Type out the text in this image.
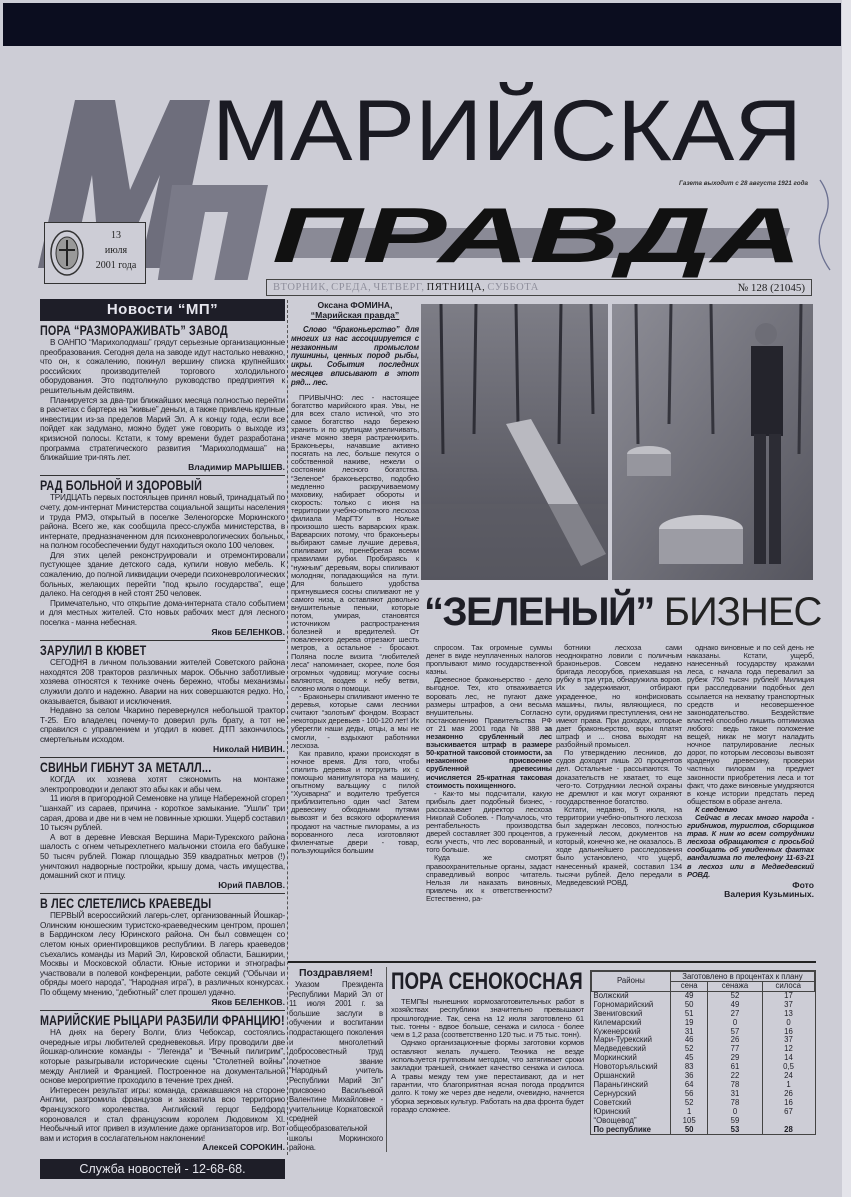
МАРИЙСКАЯ
ПРАВДА
Газета выходит с 28 августа 1921 года
13
июля
2001 года
ВТОРНИК, СРЕДА, ЧЕТВЕРГ, ПЯТНИЦА, СУББОТА	№ 128 (21045)
Новости “МП”
ПОРА “РАЗМОРАЖИВАТЬ” ЗАВОД

В ОАНПО “Марихолодмаш” грядут серьезные организационные преобразования. Сегодня дела на заводе идут настолько неважно, что он, к сожалению, покинул вершину списка крупнейших российских производителей торгового холодильного оборудования. Это подтолкнуло руководство предприятия к решительным действиям.

Планируется за два-три ближайших месяца полностью перейти в расчетах с бартера на “живые” деньги, а также привлечь крупные инвестиции из-за пределов Марий Эл. А к концу года, если все пойдет как задумано, можно будет уже говорить о выходе из кризисной полосы. Кстати, к тому времени будет разработана программа стратегического развития “Марихолодмаша” на ближайшие три-пять лет.

Владимир МАРЫШЕВ.
РАД БОЛЬНОЙ И ЗДОРОВЫЙ

ТРИДЦАТЬ первых постояльцев принял новый, тринадцатый по счету, дом-интернат Министерства социальной защиты населения и труда РМЭ, открытый в поселке Зеленогорске Моркинского района. Всего же, как сообщила пресс-служба министерства, в интернате, предназначенном для психоневрологических больных, на полном гособеспечении будут находиться около 100 человек.

Для этих целей реконструировали и отремонтировали пустующее здание детского сада, купили новую мебель. К сожалению, до полной ликвидации очереди психоневрологических больных, желающих перейти “под крыло государства”, еще далеко. На сегодня в ней стоят 250 человек.

Примечательно, что открытие дома-интерната стало событием и для местных жителей. Сто новых рабочих мест для лесного поселка - манна небесная.

Яков БЕЛЕНКОВ.
ЗАРУЛИЛ В КЮВЕТ

СЕГОДНЯ в личном пользовании жителей Советского района находятся 208 тракторов различных марок. Обычно заботливые хозяева относятся к технике очень бережно, чтобы механизмы служили долго и надежно. Аварии на них совершаются редко. Но, оказывается, бывают и исключения.

Недавно за селом Чкарино перевернулся небольшой трактор Т-25. Его владелец почему-то доверил руль брату, а тот не справился с управлением и угодил в кювет. ДТП закончилось смертельным исходом.

Николай НИВИН.
СВИНЬИ ГИБНУТ ЗА МЕТАЛЛ...

КОГДА их хозяева хотят сэкономить на монтаже электропроводки и делают это абы как и абы чем.

11 июля в пригородной Семеновке на улице Набережной сгорел “шанхай” из сараев, причина - короткое замыкание. “Ушли” три сарая, дрова и две ни в чем не повинные хрюшки. Ущерб составил 10 тысяч рублей.

А вот в деревне Иевская Вершина Мари-Турекского района шалость с огнем четырехлетнего мальчонки стоила его бабушке 50 тысяч рублей. Пожар площадью 359 квадратных метров (!) уничтожил надворные постройки, крышу дома, часть имущества, домашний скот и птицу.

Юрий ПАВЛОВ.
В ЛЕС СЛЕТЕЛИСЬ КРАЕВЕДЫ

ПЕРВЫЙ всероссийский лагерь-слет, организованный Йошкар-Олинским юношеским туристско-краеведческим центром, прошел в Бардинском лесу Юринского района. Он был совмещен со слетом юных ориентировщиков республики. В лагерь краеведов съехались команды из Марий Эл, Кировской области, Башкирии, Москвы и Московской области. Юные историки и этнографы участвовали в полевой конференции, работе секций (“Обычаи и обряды моего народа”, “Народная игра”), в различных конкурсах. По общему мнению, “дебютный” слет прошел удачно.

Яков БЕЛЕНКОВ.
МАРИЙСКИЕ РЫЦАРИ РАЗБИЛИ ФРАНЦИЮ!

НА днях на берегу Волги, близ Чебоксар, состоялись очередные игры любителей средневековья. Игру проводили две йошкар-олинские команды - “Легенда” и “Вечный пилигрим”, которые разыгрывали исторические сцены “Столетней войны” между Англией и Францией. Построенное на документальной основе мероприятие проходило в течение трех дней.

Интересен результат игры: команда, сражавшаяся на стороне Англии, разгромила французов и захватила всю территорию Французского королевства. Английский герцог Бедфорд короновался и стал французским королем Людовиком XI. Необычный итог привел в изумление даже организаторов игр. Вот вам и история в сослагательном наклонении!

Алексей СОРОКИН.
Служба новостей - 12-68-68.
Оксана ФОМИНА,
“Марийская правда”
Слово “браконьерство” для многих из нас ассоциируется с незаконным промыслом пушнины, ценных пород рыбы, икры. События последних месяцев вписывают в этот ряд... лес.

ПРИВЫЧНО: лес - настоящее богатство марийского края. Увы, не для всех стало истиной, что это самое богатство надо бережно хранить и по крупицам увеличивать, иначе можно зверя растранжирить. Браконьеры, начавшие активно посягать на лес, больше пекутся о собственной наживе, нежели о состоянии лесного богатства. “Зеленое” браконьерство, подобно медленно раскручиваемому маховику, набирает обороты и скорость: только с июня на территории учебно-опытного лесхоза филиала МарГТУ в Нольке произошло шесть варварских краж. Варварских потому, что браконьеры выбирают самые лучшие деревья, спиливают их, пренебрегая всеми правилами рубки. Пробираясь к “нужным” деревьям, воры спиливают молодняк, попадающийся на пути. Для большего удобства пригнувшиеся сосны спиливают не у самого низа, а оставляют довольно внушительные пеньки, которые потом, умирая, становятся источником распространения болезней и вредителей. От поваленного дерева отрезают шесть метров, а остальное - бросают. Поляна после визита “любителей леса” напоминает, скорее, поле боя огромных чудовищ: могучие сосны валяются, воздев к небу ветви, словно моля о помощи.

- Браконьеры спиливают именно те деревья, которые сами лесники считают “золотым” фондом. Возраст некоторых деревьев - 100-120 лет! Их уберегли наши деды, отцы, а мы не смогли, - вздыхают работники лесхоза.

Как правило, кражи происходят в ночное время. Для того, чтобы спилить деревья и погрузить их с помощью манипулятора на машину, опытному вальщику с пилой “Хускварна” и водителю требуется приблизительно один час! Затем древесину обходными путями вывозят и без всякого оформления продают на частные пилорамы, а из ворованного леса изготовляют филенчатые двери - товар, пользующийся большим

“ЗЕЛЕНЫЙ” БИЗНЕС

спросом. Так огромные суммы денег в виде неуплаченных налогов проплывают мимо государственной казны.

Древесное браконьерство - дело выгодное. Тех, кто отваживается воровать лес, не пугают даже размеры штрафов, а они весьма внушительны. Согласно постановлению Правительства РФ от 21 мая 2001 года № 388 за незаконно срубленный лес взыскивается штраф в размере 50-кратной таксовой стоимости, за незаконное присвоение срубленной древесины исчисляется 25-кратная таксовая стоимость похищенного.

- Как-то мы подсчитали, какую прибыль дает подобный бизнес, - рассказывает директор лесхоза Николай Соболев. - Получалось, что рентабельность производства дверей составляет 300 процентов, а если учесть, что лес ворованный, и того больше.

Куда же смотрят правоохранительные органы, задаст справедливый вопрос читатель. Нельзя ли наказать виновных, привлечь их к ответственности? Естественно, ра-

ботники лесхоза сами неоднократно ловили с поличным браконьеров. Совсем недавно бригада лесорубов, приехавшая на рубку в три утра, обнаружила воров. Их задерживают, отбирают украденное, но конфисковать машины, пилы, являющиеся, по сути, орудиями преступления, они не имеют права. При доходах, которые дает браконьерство, воры платят штраф и ... снова выходят на разбойный промысел.

По утверждению лесников, до судов доходят лишь 20 процентов дел. Остальные - рассыпаются. То доказательств не хватает, то еще чего-то. Сотрудники лесной охраны не дремлют и как могут охраняют государственное богатство.

Кстати, недавно, 5 июля, на территории учебно-опытного лесхоза был задержан лесовоз, полностью груженный лесом, документов на который, конечно же, не оказалось. В ходе дальнейшего расследования было установлено, что ущерб, нанесенный кражей, составил 134 тысячи рублей. Дело передали в Медведевский РОВД.

однако виновные и по сей день не наказаны. Кстати, ущерб, нанесенный государству кражами леса, с начала года перевалил за рубеж 750 тысяч рублей! Милиция при расследовании подобных дел ссылается на нехватку транспортных средств и несовершенное законодательство. Бездействие властей способно лишить оптимизма любого: ведь такое положение вещей, никак не могут наладить ночное патрулирование лесных дорог, по которым лесовозы вывозят краденую древесину, проверки частных пилорам на предмет законности приобретения леса и тот факт, что даже виновные умудряются в конце истории предстать перед обществом в образе ангела.

К сведению

Сейчас в лесах много народа - грибников, туристов, сборщиков трав. К ним ко всем сотрудники лесхоза обращаются с просьбой сообщать об увиденных фактах вандализма по телефону 11-63-21 в лесхоз или в Медведевский РОВД.

Фото
Валерия Кузьминых.
Поздравляем!

Указом Президента Республики Марий Эл от 11 июля 2001 г. за большие заслуги в обучении и воспитании подрастающего поколения и многолетний добросовестный труд почетное звание “Народный учитель Республики Марий Эл” присвоено Васильевой Валентине Михайловне - учительнице Коркатовской средней общеобразовательной школы Моркинского района.

ПОРА СЕНОКОСНАЯ

ТЕМПЫ нынешних кормозаготовительных работ в хозяйствах республики значительно превышают прошлогодние. Так, сена на 12 июля заготовлено 61 тыс. тонны - вдвое больше, сенажа и силоса - более чем в 1,2 раза (соответственно 120 тыс. и 75 тыс. тонн).

Однако организационные формы заготовки кормов оставляют желать лучшего. Техника не везде используется групповым методом, что затягивает сроки закладки траншей, снижает качество сенажа и силоса. А травы между тем уже перестаивают, да и нет гарантии, что благоприятная ясная погода продлится долго. К тому же через две недели, очевидно, начнется уборка зерновых культур. Работать на два фронта будет гораздо сложнее.

Районы	Заготовлено в процентах к плану		
	сена	сенажа	силоса
Волжский	49	52	17
Горномарийский	50	49	37
Звениговский	51	27	13
Килемарский	19	0	0
Куженерский	31	57	16
Мари-Турекский	46	26	37
Медведевский	52	77	12
Моркинский	45	29	14
Новоторъяльский	83	61	0,5
Оршанский	36	22	24
Параньгинский	64	78	1
Сернурский	56	31	26
Советский	52	78	16
Юринский	1	0	67
“Овощевод”	105	59	
По республике	50	53	28
